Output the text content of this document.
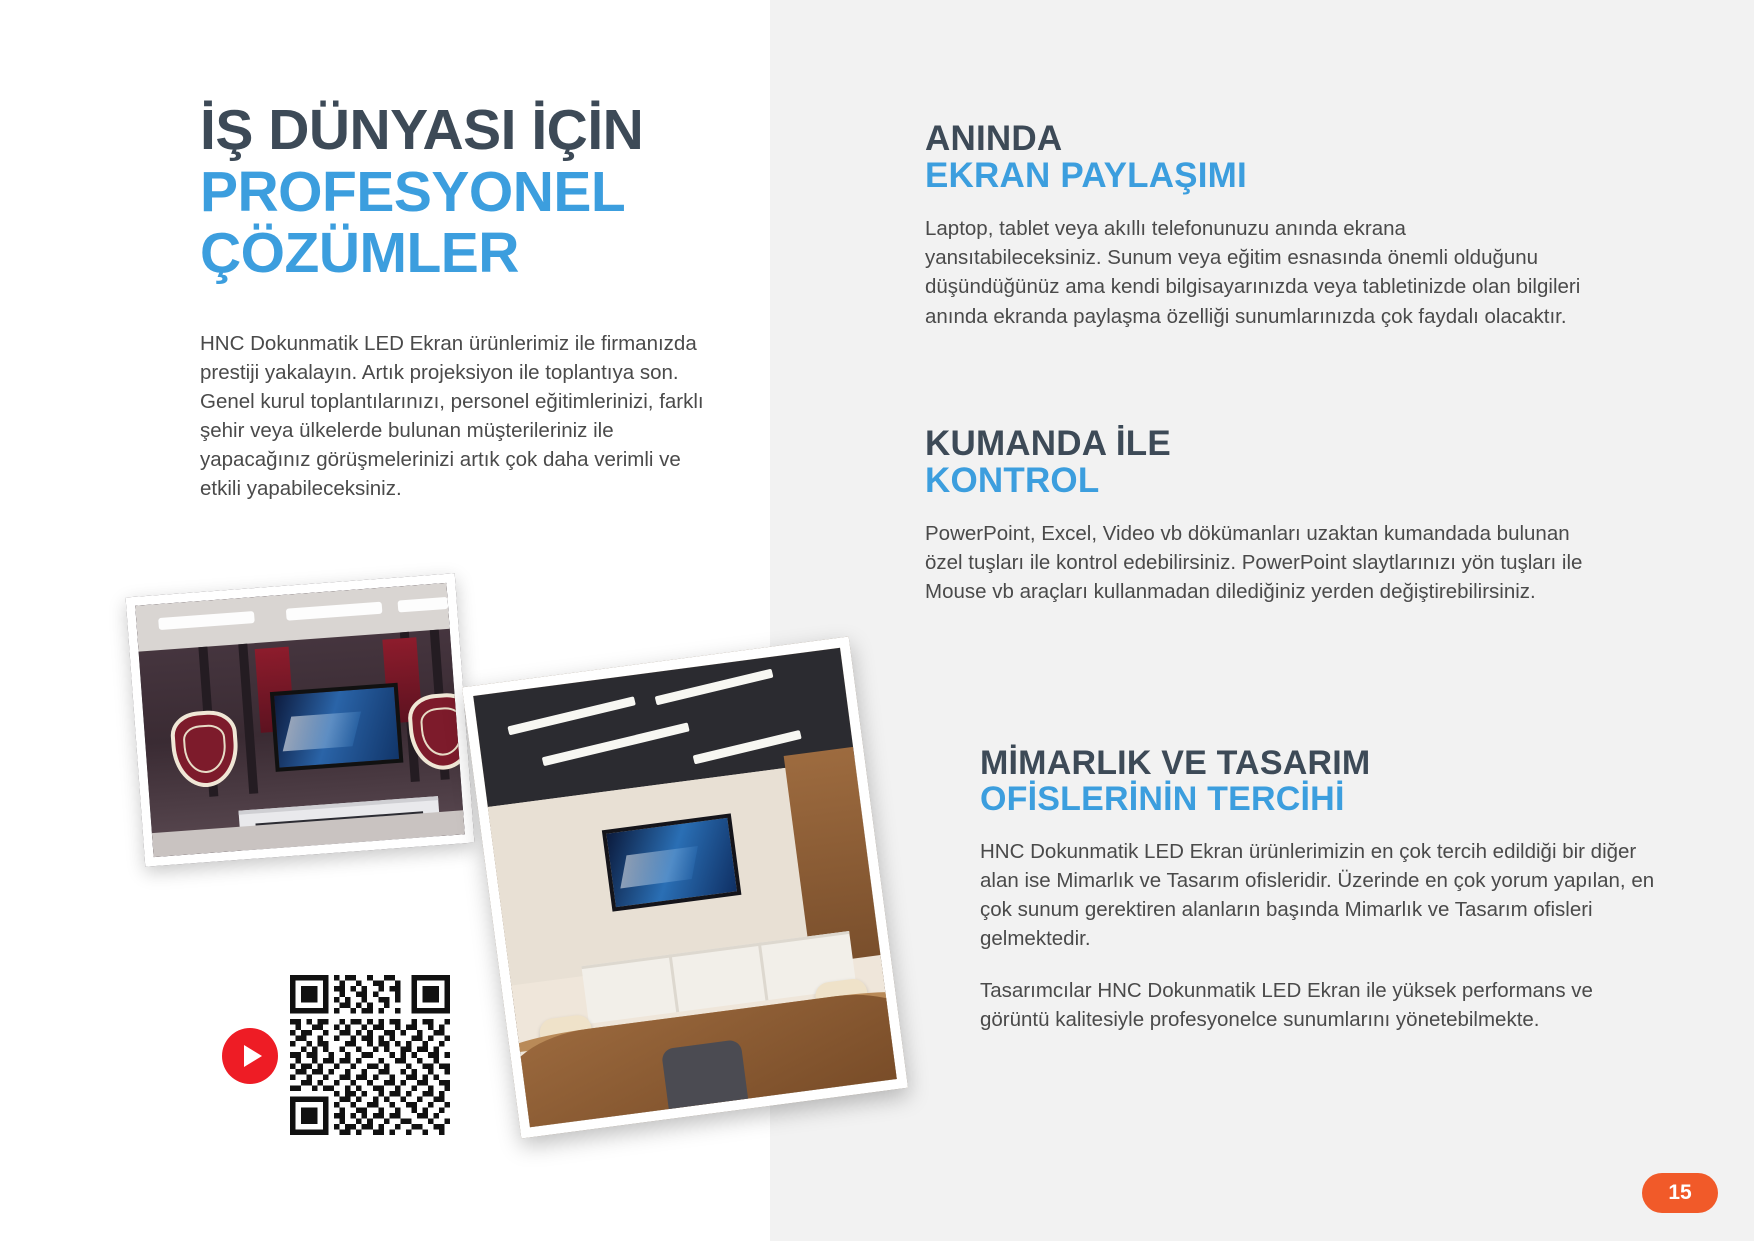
İŞ DÜNYASI İÇİN
PROFESYONEL
ÇÖZÜMLER

HNC Dokunmatik LED Ekran ürünlerimiz ile firmanızda prestiji yakalayın. Artık projeksiyon ile toplantıya son. Genel kurul toplantılarınızı, personel eğitimlerinizi, farklı şehir veya ülkelerde bulunan müşterileriniz ile yapacağınız görüşmelerinizi artık çok daha verimli ve etkili yapabileceksiniz.

ANINDA
EKRAN PAYLAŞIMI

Laptop, tablet veya akıllı telefonunuzu anında ekrana yansıtabileceksiniz. Sunum veya eğitim esnasında önemli olduğunu düşündüğünüz ama kendi bilgisayarınızda veya tabletinizde olan bilgileri anında ekranda paylaşma özelliği sunumlarınızda çok faydalı olacaktır.

KUMANDA İLE
KONTROL

PowerPoint, Excel, Video vb dökümanları uzaktan kumandada bulunan özel tuşları ile kontrol edebilirsiniz. PowerPoint slaytlarınızı yön tuşları ile Mouse vb araçları kullanmadan dilediğiniz yerden değiştirebilirsiniz.

MİMARLIK VE TASARIM
OFİSLERİNİN TERCİHİ

HNC Dokunmatik LED Ekran ürünlerimizin en çok tercih edildiği bir diğer alan ise Mimarlık ve Tasarım ofisleridir. Üzerinde en çok yorum yapılan, en çok sunum gerektiren alanların başında Mimarlık ve Tasarım ofisleri gelmektedir.

Tasarımcılar HNC Dokunmatik LED Ekran ile yüksek performans ve görüntü kalitesiyle profesyonelce sunumlarını yönetebilmekte.

15
